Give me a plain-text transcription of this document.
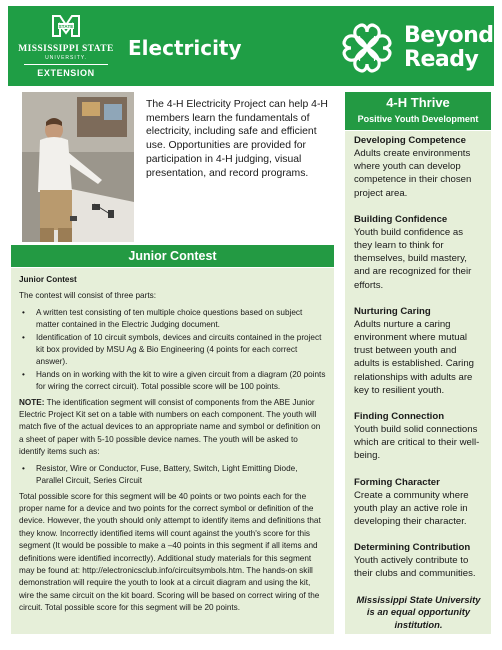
STATE
MISSISSIPPI STATE
UNIVERSITY.
EXTENSION
Electricity	H H
H H
Beyond
Ready
The 4-H Electricity Project can help 4-H members learn the fundamentals of electricity, including safe and efficient use. Opportunities are provided for participation in 4-H judging, visual presentation, and record programs.
Junior Contest

Junior Contest

The contest will consist of three parts:

• A written test consisting of ten multiple choice questions based on subject matter contained in the Electric Judging document.
• Identification of 10 circuit symbols, devices and circuits contained in the project kit box provided by MSU Ag & Bio Engineering (4 points for each correct answer).
• Hands on in working with the kit to wire a given circuit from a diagram (20 points for wiring the correct circuit). Total possible score will be 100 points.

NOTE: The identification segment will consist of components from the ABE Junior Electric Project Kit set on a table with numbers on each component. The youth will match five of the actual devices to an appropriate name and symbol or definition on a sheet of paper with 5-10 possible device names. The youth will be asked to identify items such as:

• Resistor, Wire or Conductor, Fuse, Battery, Switch, Light Emitting Diode, Parallel Circuit, Series Circuit

Total possible score for this segment will be 40 points or two points each for the proper name for a device and two points for the correct symbol or definition of the device. However, the youth should only attempt to identify items and definitions that they know. Incorrectly identified items will count against the youth's score for this segment (It would be possible to make a –40 points in this segment if all items and definitions were identified incorrectly). Additional study materials for this segment may be found at: http://electronicsclub.info/circuitsymbols.htm. The hands-on skill demonstration will require the youth to look at a circuit diagram and using the kit, wire the same circuit on the kit board. Scoring will be based on correct wiring of the circuit. Total possible score for this segment will be 20 points.

4-H Thrive
Positive Youth Development
Developing Competence
Adults create environments where youth can develop competence in their chosen project area.
Building Confidence
Youth build confidence as they learn to think for themselves, build mastery, and are recognized for their efforts.
Nurturing Caring
Adults nurture a caring environment where mutual trust between youth and adults is established. Caring relationships with adults are key to resilient youth.
Finding Connection
Youth build solid connections which are critical to their well-being.
Forming Character
Create a community where youth play an active role in developing their character.
Determining Contribution
Youth actively contribute to their clubs and communities.
Mississippi State University is an equal opportunity institution.
